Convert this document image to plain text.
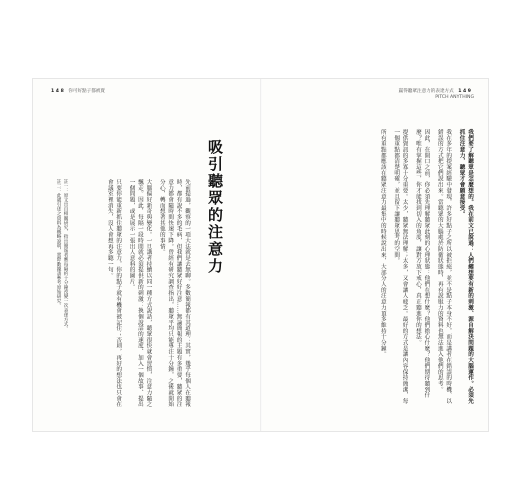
1 4 8 你可好點子都被賣
吸引聽眾的注意力

先前提過，觀察的一項大法就是去無聊。多數簡報都有其道理：其實，幾乎每個人在聽報時，都有說不多的毛病，但我們讓聽眾好好注意……無論簡報的主題有多重要，聽眾的注意力都會隨時間快速下降。曾經有研究調查指出，聽眾平均只能專注十分鐘，之後就開始分心，轉而想著其他的事情。

大腦偏好新奇與變化。一旦講者持續以同一種方式說話，聽眾很快就會習慣，注意力隨之飄走。因此，每隔一段時間就必須提供新的刺激：換個說話的速度、加入一個故事、提出一個問題，或是展示一張出人意料的圖片。

只要你能重新抓住聽眾的注意力，你的點子就有機會被記住；否則，再好的想法也只會在會議室裡消失，沒人會想再多聽一句。

註一：原文出自相關研究，指出簡報者應每隔約十分鐘改變一次表達方式。

註二：此處引述之資料為概略說明，實際數據請參考原始研究。

贏得聽眾注意力的表達方式 1 4 9
PITCH ANYTHING

我們要了解聽眾是怎麼想的。我在前文已說過：人們總想要有新的刺激、源自解決問題的大腦運作。必須先抓住注意力，聽眾才會願意接受。

我在多年的提案經驗中發現，許多好點子之所以被拒絕，並不是點子本身不好，而是講者在錯誤的時機、以錯誤的方式把它們說出來。當聽眾的大腦處於防衛狀態時，再有說服力的資料也無法進入他們的思考。

因此，在開口之前，你必須先理解聽眾此刻的心理狀態：他們在想什麼？他們擔心什麼？他們期待聽到什麼？唯有掌握這些，你才能找到切入的角度，讓對方放下戒心，真正聽進你的想法。

提供資訊的多寡十分重要。太少，聽眾無法理解；太多，又會讓人疲乏。最好的方式是讓內容保持簡潔，每一個重點都清楚明確，並且留下讓聽眾思考的空間。

所有重點都應該在聽眾注意力最集中的時候說出來，大部分人的注意力頂多維持十分鐘。
